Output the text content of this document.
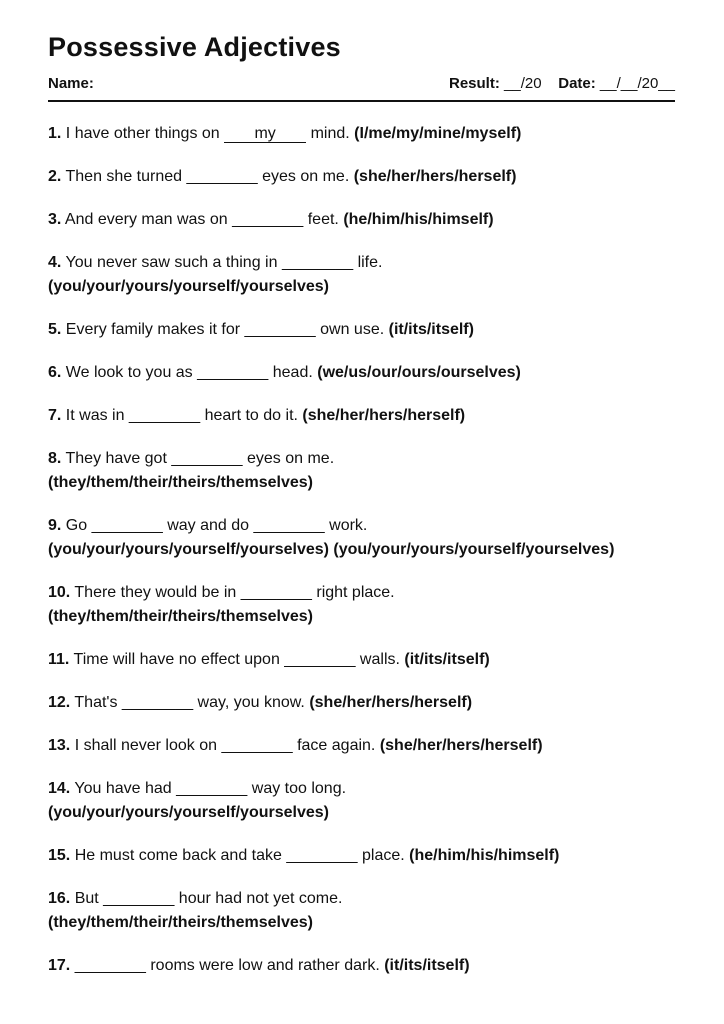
Possessive Adjectives
Name:	Result: __/20 Date: __/__/20__

1. I have other things on my mind. (I/me/my/mine/myself)

2. Then she turned ________ eyes on me. (she/her/hers/herself)

3. And every man was on ________ feet. (he/him/his/himself)

4. You never saw such a thing in ________ life.
(you/your/yours/yourself/yourselves)

5. Every family makes it for ________ own use. (it/its/itself)

6. We look to you as ________ head. (we/us/our/ours/ourselves)

7. It was in ________ heart to do it. (she/her/hers/herself)

8. They have got ________ eyes on me.
(they/them/their/theirs/themselves)

9. Go ________ way and do ________ work.
(you/your/yours/yourself/yourselves) (you/your/yours/yourself/yourselves)

10. There they would be in ________ right place.
(they/them/their/theirs/themselves)

11. Time will have no effect upon ________ walls. (it/its/itself)

12. That's ________ way, you know. (she/her/hers/herself)

13. I shall never look on ________ face again. (she/her/hers/herself)

14. You have had ________ way too long.
(you/your/yours/yourself/yourselves)

15. He must come back and take ________ place. (he/him/his/himself)

16. But ________ hour had not yet come.
(they/them/their/theirs/themselves)

17. ________ rooms were low and rather dark. (it/its/itself)
